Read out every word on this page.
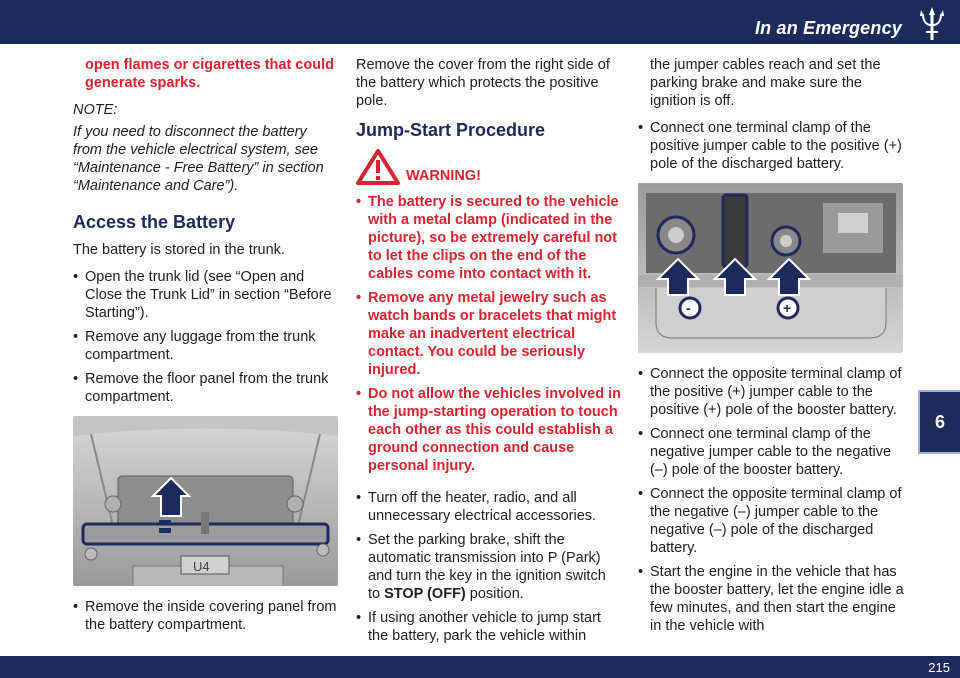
In an Emergency
6

open flames or cigarettes that could generate sparks.

NOTE:

If you need to disconnect the battery from the vehicle electrical system, see “Maintenance - Free Battery” in section “Maintenance and Care”).

Access the Battery

The battery is stored in the trunk.

• Open the trunk lid (see “Open and Close the Trunk Lid” in section “Before Starting”).
• Remove any luggage from the trunk compartment.
• Remove the floor panel from the trunk compartment.
U4
• Remove the inside covering panel from the battery compartment.

Remove the cover from the right side of the battery which protects the positive pole.

Jump-Start Procedure
WARNING!
• The battery is secured to the vehicle with a metal clamp (indicated in the picture), so be extremely careful not to let the clips on the end of the cables come into contact with it.
• Remove any metal jewelry such as watch bands or bracelets that might make an inadvertent electrical contact. You could be seriously injured.
• Do not allow the vehicles involved in the jump-starting operation to touch each other as this could establish a ground connection and cause personal injury.
• Turn off the heater, radio, and all unnecessary electrical accessories.
• Set the parking brake, shift the automatic transmission into P (Park) and turn the key in the ignition switch to STOP (OFF) position.
• If using another vehicle to jump start the battery, park the vehicle within

the jumper cables reach and set the parking brake and make sure the ignition is off.

• Connect one terminal clamp of the positive jumper cable to the positive (+) pole of the discharged battery.
-	+
• Connect the opposite terminal clamp of the positive (+) jumper cable to the positive (+) pole of the booster battery.
• Connect one terminal clamp of the negative jumper cable to the negative (–) pole of the booster battery.
• Connect the opposite terminal clamp of the negative (–) jumper cable to the negative (–) pole of the discharged battery.
• Start the engine in the vehicle that has the booster battery, let the engine idle a few minutes, and then start the engine in the vehicle with
215
